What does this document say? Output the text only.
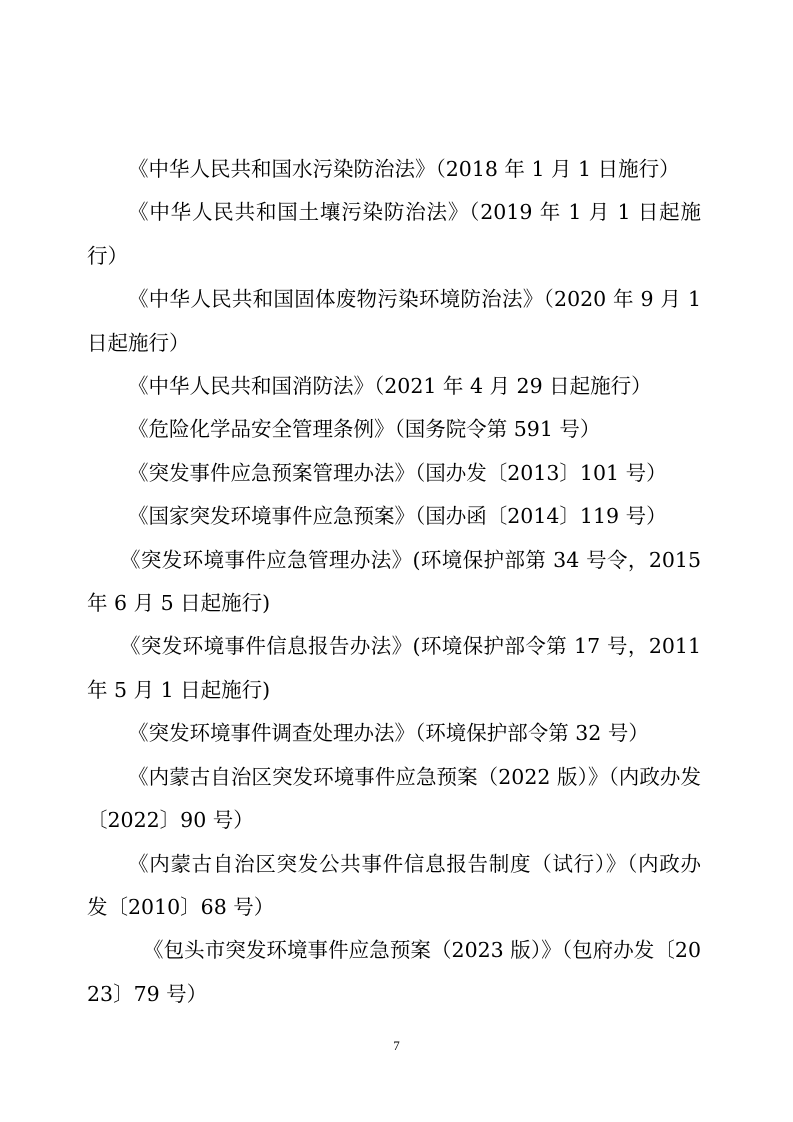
《中华人民共和国水污染防治法》（2018 年 1 月 1 日施行）

《中华人民共和国土壤污染防治法》（2019 年 1 月 1 日起施行）

《中华人民共和国固体废物污染环境防治法》（2020 年 9 月 1 日起施行）

《中华人民共和国消防法》（2021 年 4 月 29 日起施行）

《危险化学品安全管理条例》（国务院令第 591 号）

《突发事件应急预案管理办法》（国办发〔2013〕101 号）

《国家突发环境事件应急预案》（国办函〔2014〕119 号）

《突发环境事件应急管理办法》(环境保护部第 34 号令，2015 年 6 月 5 日起施行)

《突发环境事件信息报告办法》(环境保护部令第 17 号，2011 年 5 月 1 日起施行)

《突发环境事件调查处理办法》（环境保护部令第 32 号）

《内蒙古自治区突发环境事件应急预案（2022 版）》（内政办发〔2022〕90 号）

《内蒙古自治区突发公共事件信息报告制度（试行）》（内政办发〔2010〕68 号）

《包头市突发环境事件应急预案（2023 版）》（包府办发〔2023〕79 号）

7
